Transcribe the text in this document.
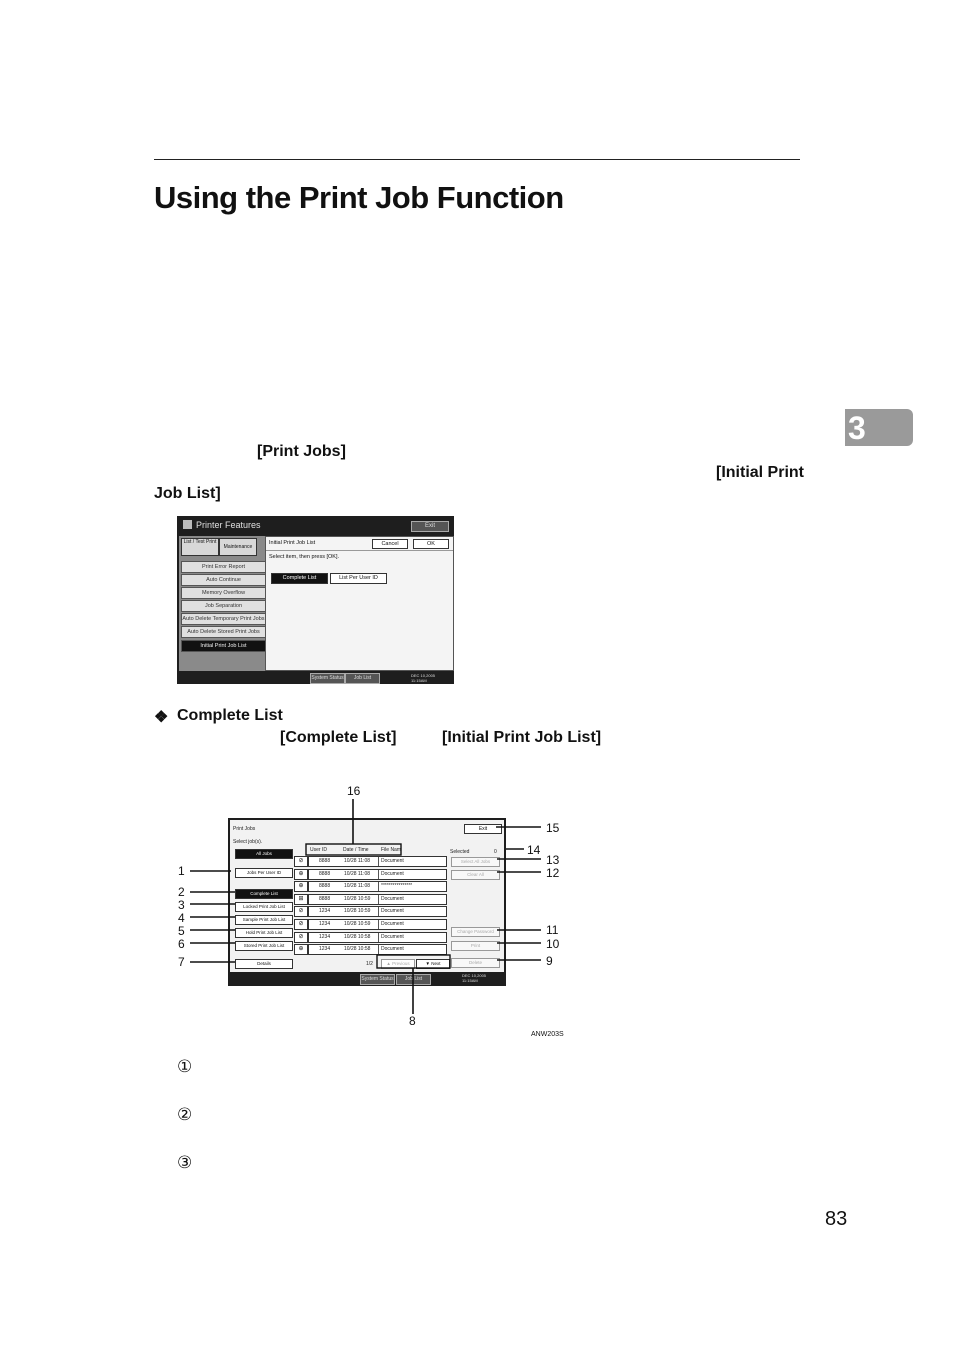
Using the Print Job Function
3
[Print Jobs]
[Initial Print
Job List]
Printer Features	Exit
List / Test Print
Maintenance
Print Error Report
Auto Continue
Memory Overflow
Job Separation
Auto Delete Temporary Print Jobs
Auto Delete Stored Print Jobs
Initial Print Job List
Initial Print Job List	Cancel	OK
Select item, then press [OK].
Complete List	List Per User ID
System Status	Job List	DEC 10,2005
11:15AM
❖ Complete List
[Complete List]	[Initial Print Job List]
Print Jobs	Exit
Select job(s).
All Jobs
Jobs Per User ID
Complete List
Locked Print Job List
Sample Print Job List
Hold Print Job List
Stored Print Job List
Details
User ID	Date / Time File Nam
⊘	8888	10/28 11:08 Document
⊕	8888	10/28 11:08 Document
⊕	8888	10/28 11:08 ****************
⊞	8888	10/28 10:59 Document
⊘	1234	10/28 10:59 Document
⊘	1234	10/28 10:59 Document
⊘	1234	10/28 10:58 Document
⊕	1234	10/28 10:58 Document
Selected	0
Select All Jobs
Clear All
Change Password
Print
Delete
1/2	▲ Previous	▼ Next
System Status	Job List
DEC 10,2005
11:15AM
1
2
3
4
5
6
7
8
9
10
11
12
13
14
15
16
ANW203S
①
②
③
83
